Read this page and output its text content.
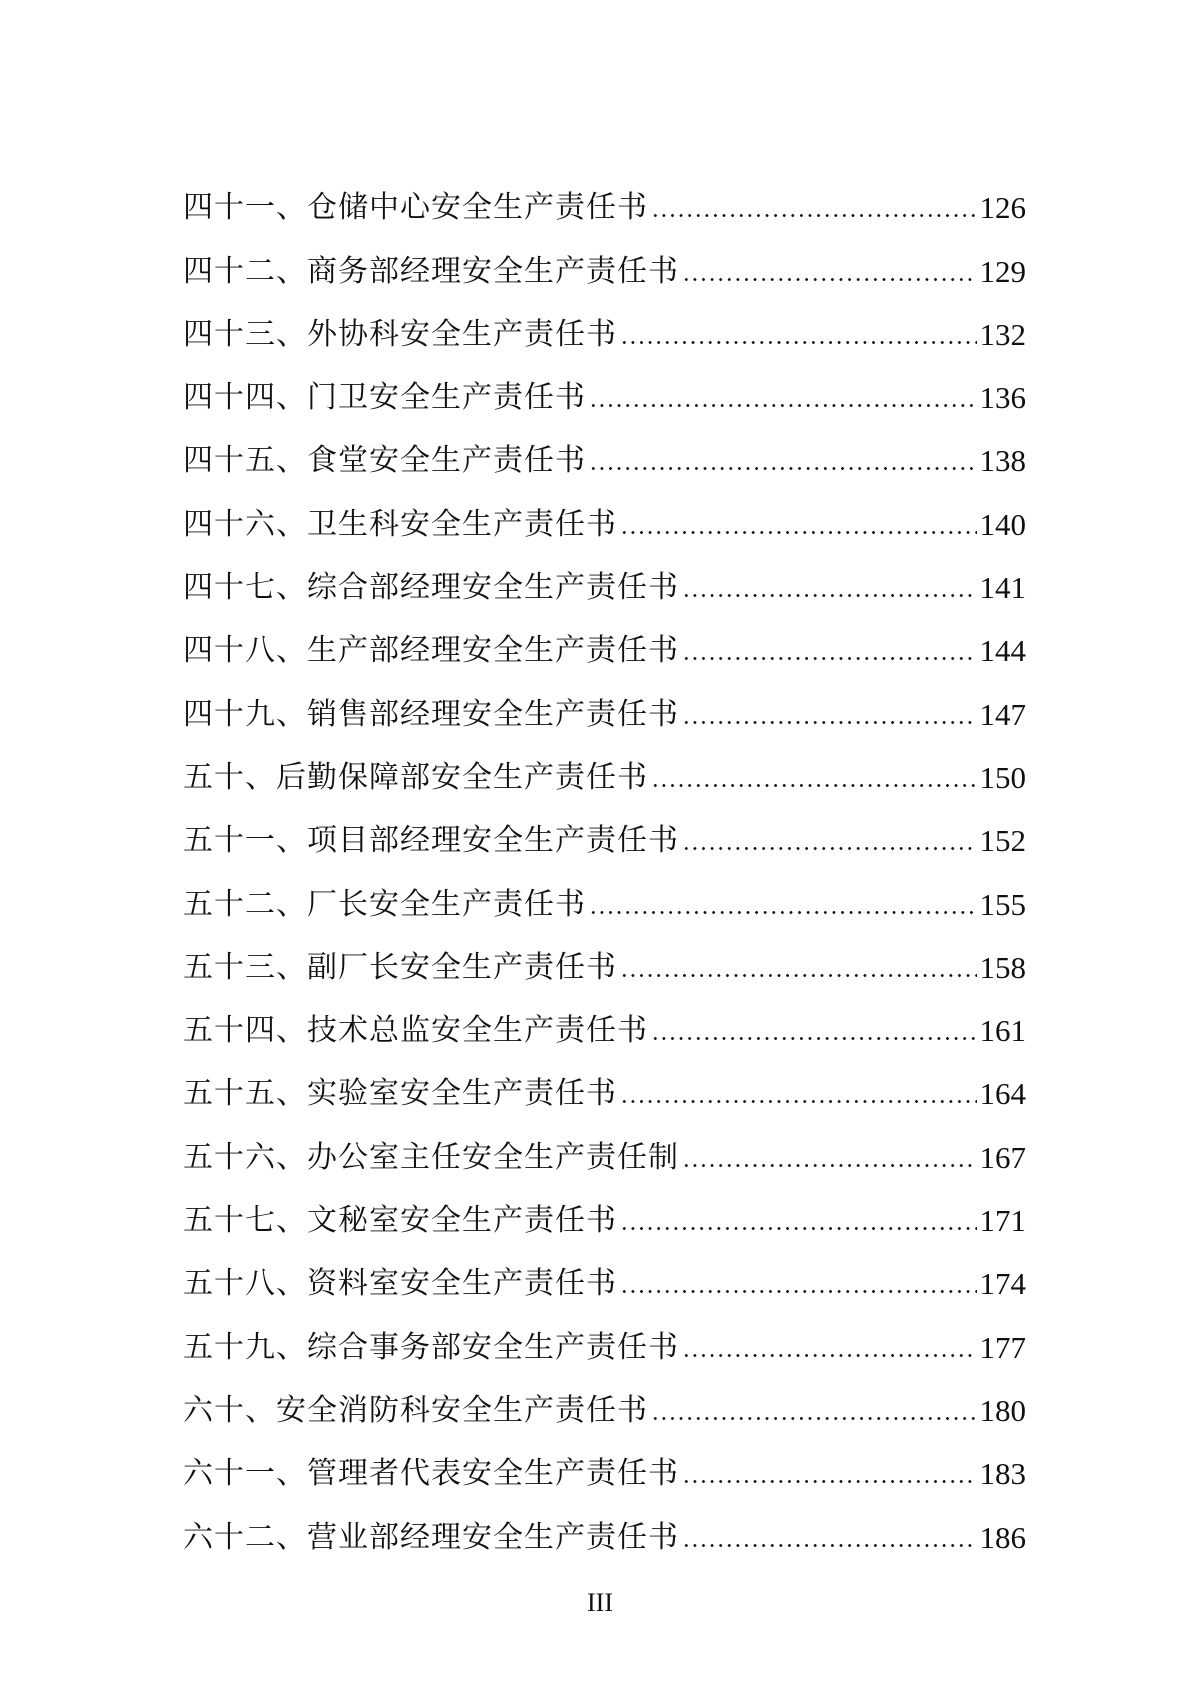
四十一、仓储中心安全生产责任书	126
四十二、商务部经理安全生产责任书	129
四十三、外协科安全生产责任书	132
四十四、门卫安全生产责任书	136
四十五、食堂安全生产责任书	138
四十六、卫生科安全生产责任书	140
四十七、综合部经理安全生产责任书	141
四十八、生产部经理安全生产责任书	144
四十九、销售部经理安全生产责任书	147
五十、后勤保障部安全生产责任书	150
五十一、项目部经理安全生产责任书	152
五十二、厂长安全生产责任书	155
五十三、副厂长安全生产责任书	158
五十四、技术总监安全生产责任书	161
五十五、实验室安全生产责任书	164
五十六、办公室主任安全生产责任制	167
五十七、文秘室安全生产责任书	171
五十八、资料室安全生产责任书	174
五十九、综合事务部安全生产责任书	177
六十、安全消防科安全生产责任书	180
六十一、管理者代表安全生产责任书	183
六十二、营业部经理安全生产责任书	186
III
